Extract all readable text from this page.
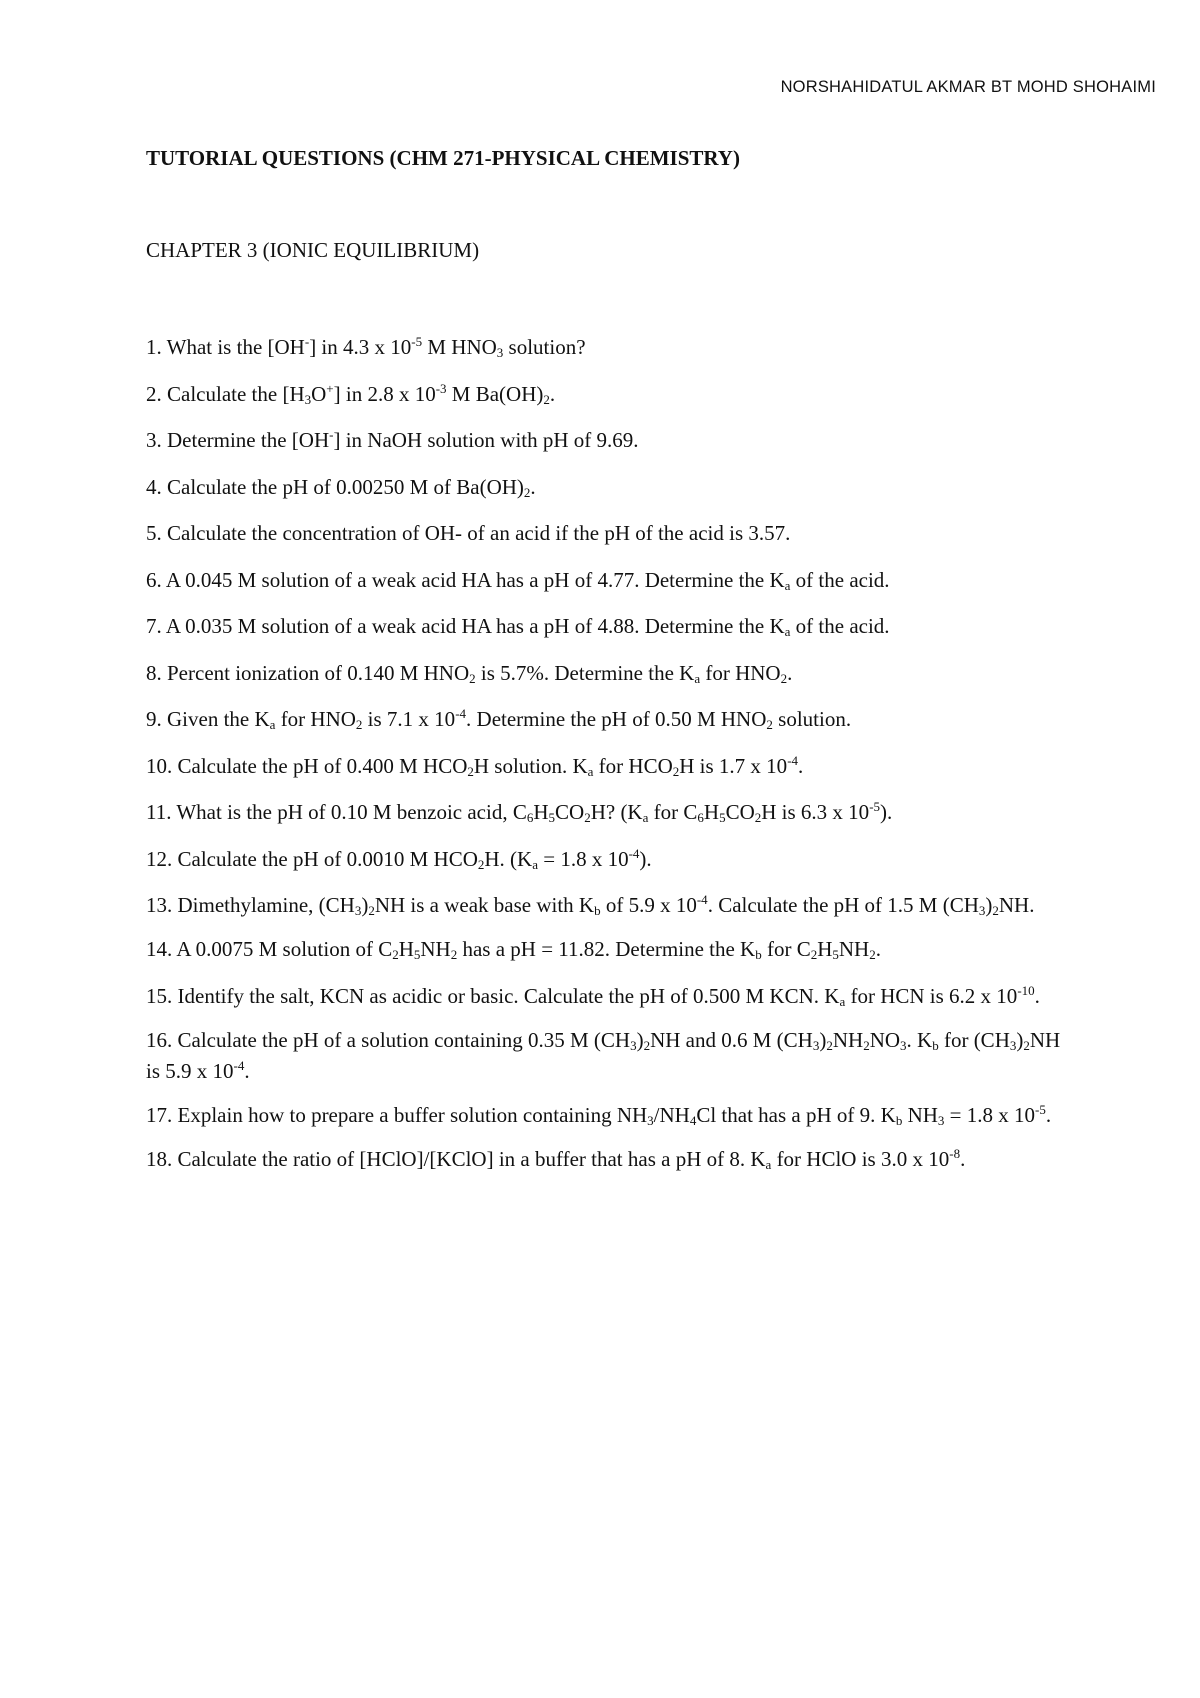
NORSHAHIDATUL AKMAR BT MOHD SHOHAIMI
TUTORIAL QUESTIONS (CHM 271-PHYSICAL CHEMISTRY)
CHAPTER 3 (IONIC EQUILIBRIUM)
1. What is the [OH-] in 4.3 x $10^{-5}$ M $HNO_3$ solution?
2. Calculate the $[H_3O^+]$ in 2.8 x $10^{-3}$ M $Ba(OH)_2$.
3. Determine the [OH-] in NaOH solution with pH of 9.69.
4. Calculate the pH of 0.00250 M of $Ba(OH)_2$.
5. Calculate the concentration of OH- of an acid if the pH of the acid is 3.57.
6. A 0.045 M solution of a weak acid HA has a pH of 4.77. Determine the $K_a$ of the acid.
7. A 0.035 M solution of a weak acid HA has a pH of 4.88. Determine the $K_a$ of the acid.
8. Percent ionization of 0.140 M $HNO_2$ is 5.7%. Determine the $K_a$ for $HNO_2$.
9. Given the $K_a$ for $HNO_2$ is 7.1 x $10^{-4}$. Determine the pH of 0.50 M $HNO_2$ solution.
10. Calculate the pH of 0.400 M $HCO_2H$ solution. $K_a$ for $HCO_2H$ is 1.7 x $10^{-4}$.
11. What is the pH of 0.10 M benzoic acid, $C_6H_5CO_2H$? ($K_a$ for $C_6H_5CO_2H$ is 6.3 x $10^{-5}$).
12. Calculate the pH of 0.0010 M $HCO_2H$. ($K_a = 1.8$ x $10^{-4}$).
13. Dimethylamine, $(CH_3)_2NH$ is a weak base with $K_b$ of 5.9 x $10^{-4}$. Calculate the pH of 1.5 M $(CH_3)_2NH$.
14. A 0.0075 M solution of $C_2H_5NH_2$ has a pH = 11.82. Determine the $K_b$ for $C_2H_5NH_2$.
15. Identify the salt, KCN as acidic or basic. Calculate the pH of 0.500 M KCN. $K_a$ for HCN is 6.2 x $10^{-10}$.
16. Calculate the pH of a solution containing 0.35 M $(CH_3)_2NH$ and 0.6 M $(CH_3)_2NH_2NO_3$. $K_b$ for $(CH_3)_2NH$ is 5.9 x $10^{-4}$.
17. Explain how to prepare a buffer solution containing $NH_3/NH_4Cl$ that has a pH of 9. $K_b$ $NH_3 = 1.8$ x $10^{-5}$.
18. Calculate the ratio of [HClO]/[KClO] in a buffer that has a pH of 8. $K_a$ for HClO is 3.0 x $10^{-8}$.
